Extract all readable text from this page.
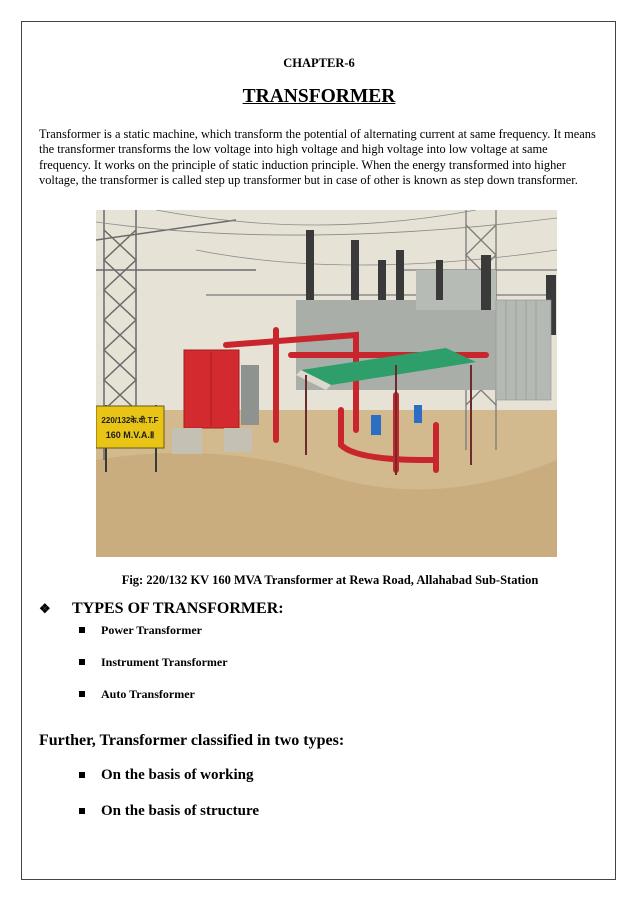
CHAPTER-6
TRANSFORMER

Transformer is a static machine, which transform the potential of alternating current at same frequency. It means the transformer transforms the low voltage into high voltage and high voltage into low voltage at same frequency. It works on the principle of static induction principle. When the energy transformed into higher voltage, the transformer is called step up transformer but in case of other is known as step down transformer.

220/132के.वी.T.F
160 M.V.A.Ⅱ
Fig: 220/132 KV 160 MVA Transformer at Rewa Road, Allahabad Sub-Station
❖ TYPES OF TRANSFORMER:
Power Transformer
Instrument Transformer
Auto Transformer
Further, Transformer classified in two types:
On the basis of working
On the basis of structure
